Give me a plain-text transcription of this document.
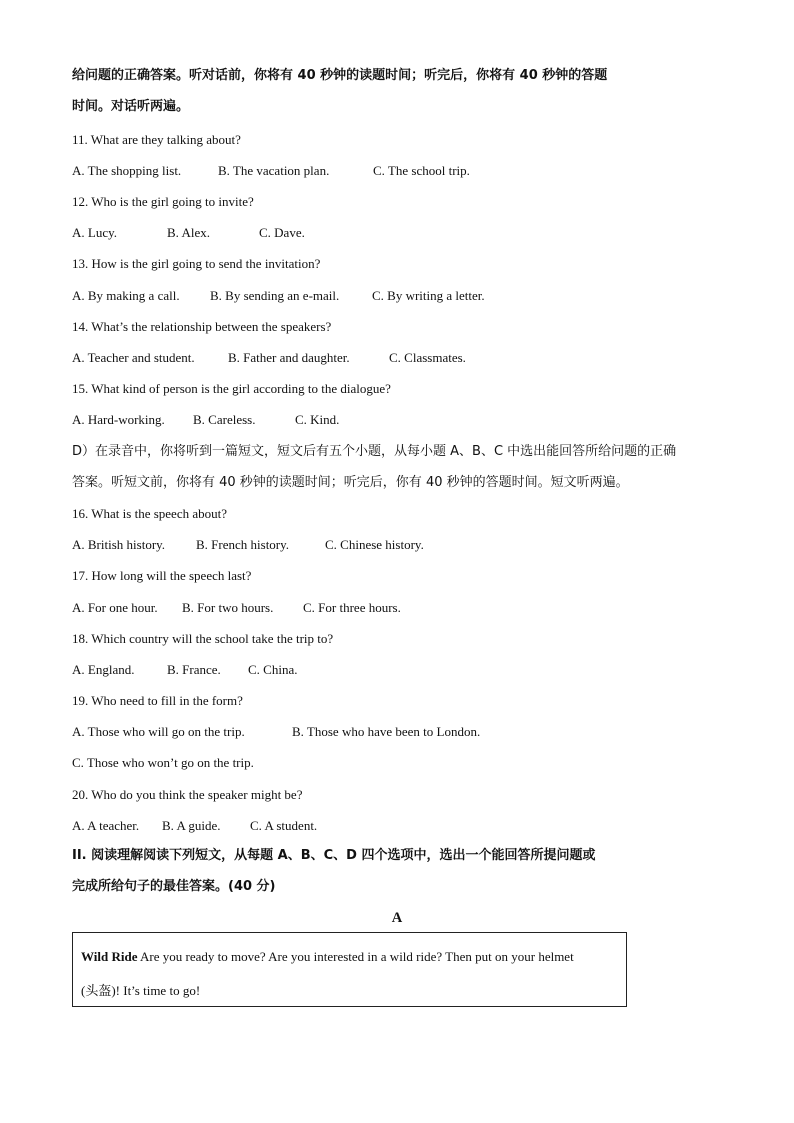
给问题的正确答案。听对话前，你将有 40 秒钟的读题时间；听完后，你将有 40 秒钟的答题
时间。对话听两遍。
11. What are they talking about?
A. The shopping list.	B. The vacation plan.	C. The school trip.
12. Who is the girl going to invite?
A. Lucy.	B. Alex.	C. Dave.
13. How is the girl going to send the invitation?
A. By making a call. B. By sending an e-mail.	C. By writing a letter.
14. What’s the relationship between the speakers?
A. Teacher and student.	B. Father and daughter.	C. Classmates.
15. What kind of person is the girl according to the dialogue?
A. Hard-working. B. Careless.	C. Kind.
D）在录音中，你将听到一篇短文，短文后有五个小题，从每小题 A、B、C 中选出能回答所给问题的正确
答案。听短文前，你将有 40 秒钟的读题时间；听完后，你有 40 秒钟的答题时间。短文听两遍。
16. What is the speech about?
A. British history. B. French history.	C. Chinese history.
17. How long will the speech last?
A. For one hour. B. For two hours. C. For three hours.
18. Which country will the school take the trip to?
A. England.	B. France. C. China.
19. Who need to fill in the form?
A. Those who will go on the trip.	B. Those who have been to London.
C. Those who won’t go on the trip.
20. Who do you think the speaker might be?
A. A teacher. B. A guide. C. A student.
II. 阅读理解阅读下列短文，从每题 A、B、C、D 四个选项中，选出一个能回答所提问题或
完成所给句子的最佳答案。(40 分)
A
Wild Ride Are you ready to move? Are you interested in a wild ride? Then put on your helmet
(头盔)! It’s time to go!
